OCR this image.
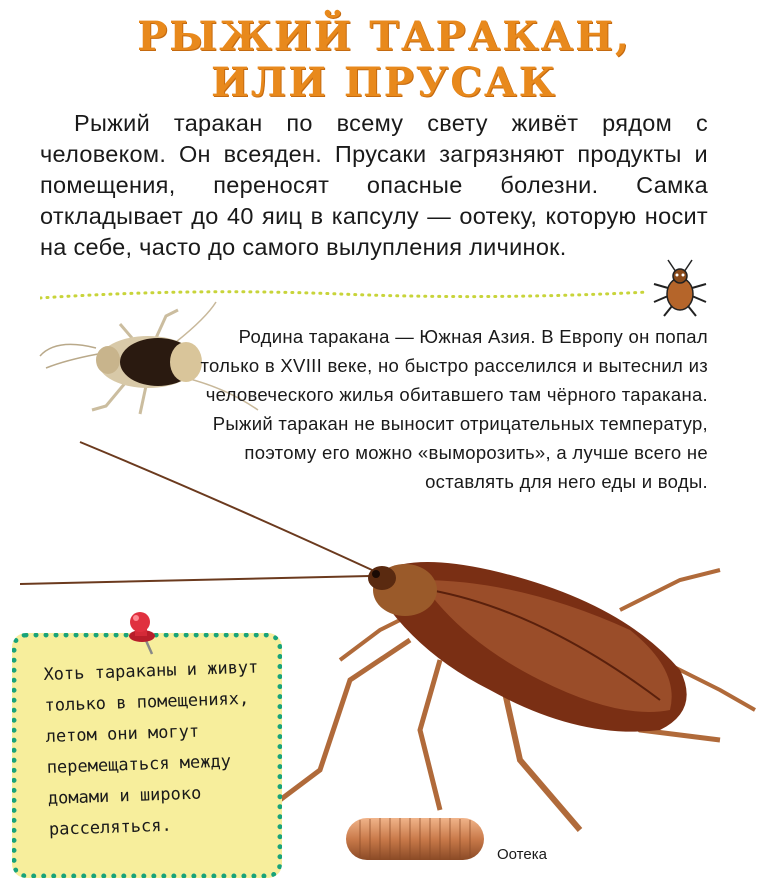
РЫЖИЙ ТАРАКАН,
ИЛИ ПРУСАК
Рыжий таракан по всему свету живёт рядом с человеком. Он всеяден. Прусаки загрязняют продукты и помещения, переносят опасные болезни. Самка откладывает до 40 яиц в капсулу — оотеку, которую носит на себе, часто до самого вылупления личинок.
Родина таракана — Южная Азия. В Европу он попал только в XVIII веке, но быстро расселился и вытеснил из человеческого жилья обитавшего там чёрного таракана. Рыжий таракан не выносит отрицательных температур, поэтому его можно «выморозить», а лучше всего не оставлять для него еды и воды.
Хоть тараканы и живут
только в помещениях,
летом они могут
перемещаться между
домами и широко
расселяться.
Оотека
